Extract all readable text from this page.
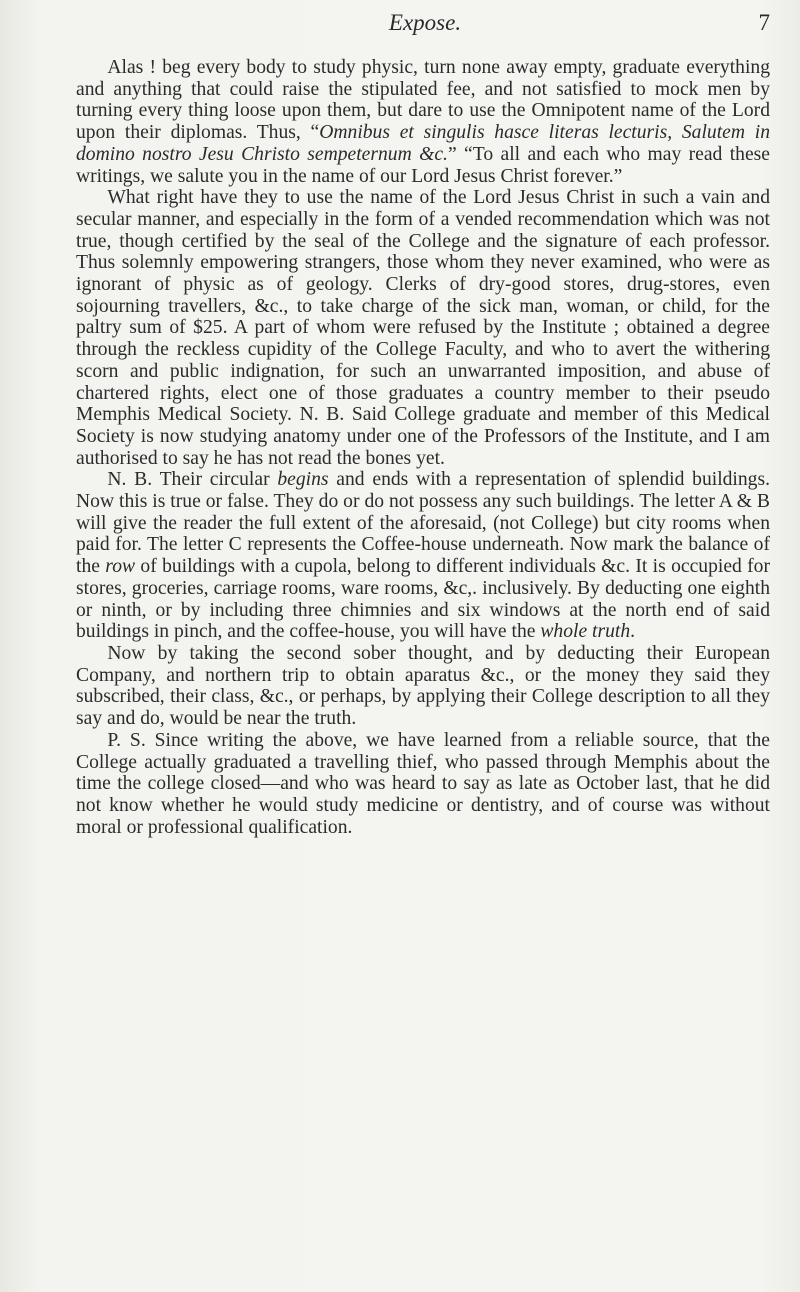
Expose.	7

Alas ! beg every body to study physic, turn none away empty, graduate everything and anything that could raise the stipulated fee, and not satisfied to mock men by turning every thing loose upon them, but dare to use the Omnipotent name of the Lord upon their diplomas. Thus, “Omnibus et singulis hasce literas lecturis, Salutem in domino nostro Jesu Christo sempeternum &c.” “To all and each who may read these writings, we salute you in the name of our Lord Jesus Christ forever.”

What right have they to use the name of the Lord Jesus Christ in such a vain and secular manner, and especially in the form of a vended recommendation which was not true, though certified by the seal of the College and the signature of each professor. Thus solemnly empowering strangers, those whom they never examined, who were as ignorant of physic as of geology. Clerks of dry-good stores, drug-stores, even sojourning travellers, &c., to take charge of the sick man, woman, or child, for the paltry sum of $25. A part of whom were refused by the Institute ; obtained a degree through the reckless cupidity of the College Faculty, and who to avert the withering scorn and public indignation, for such an unwarranted imposition, and abuse of chartered rights, elect one of those graduates a country member to their pseudo Memphis Medical Society. N. B. Said College graduate and member of this Medical Society is now studying anatomy under one of the Professors of the Institute, and I am authorised to say he has not read the bones yet.

N. B. Their circular begins and ends with a representation of splendid buildings. Now this is true or false. They do or do not possess any such buildings. The letter A & B will give the reader the full extent of the aforesaid, (not College) but city rooms when paid for. The letter C represents the Coffee-house underneath. Now mark the balance of the row of buildings with a cupola, belong to different individuals &c. It is occupied for stores, groceries, carriage rooms, ware rooms, &c,. inclusively. By deducting one eighth or ninth, or by including three chimnies and six windows at the north end of said buildings in pinch, and the coffee-house, you will have the whole truth.

Now by taking the second sober thought, and by deducting their European Company, and northern trip to obtain aparatus &c., or the money they said they subscribed, their class, &c., or perhaps, by applying their College description to all they say and do, would be near the truth.

P. S. Since writing the above, we have learned from a reliable source, that the College actually graduated a travelling thief, who passed through Memphis about the time the college closed—and who was heard to say as late as October last, that he did not know whether he would study medicine or dentistry, and of course was without moral or professional qualification.
